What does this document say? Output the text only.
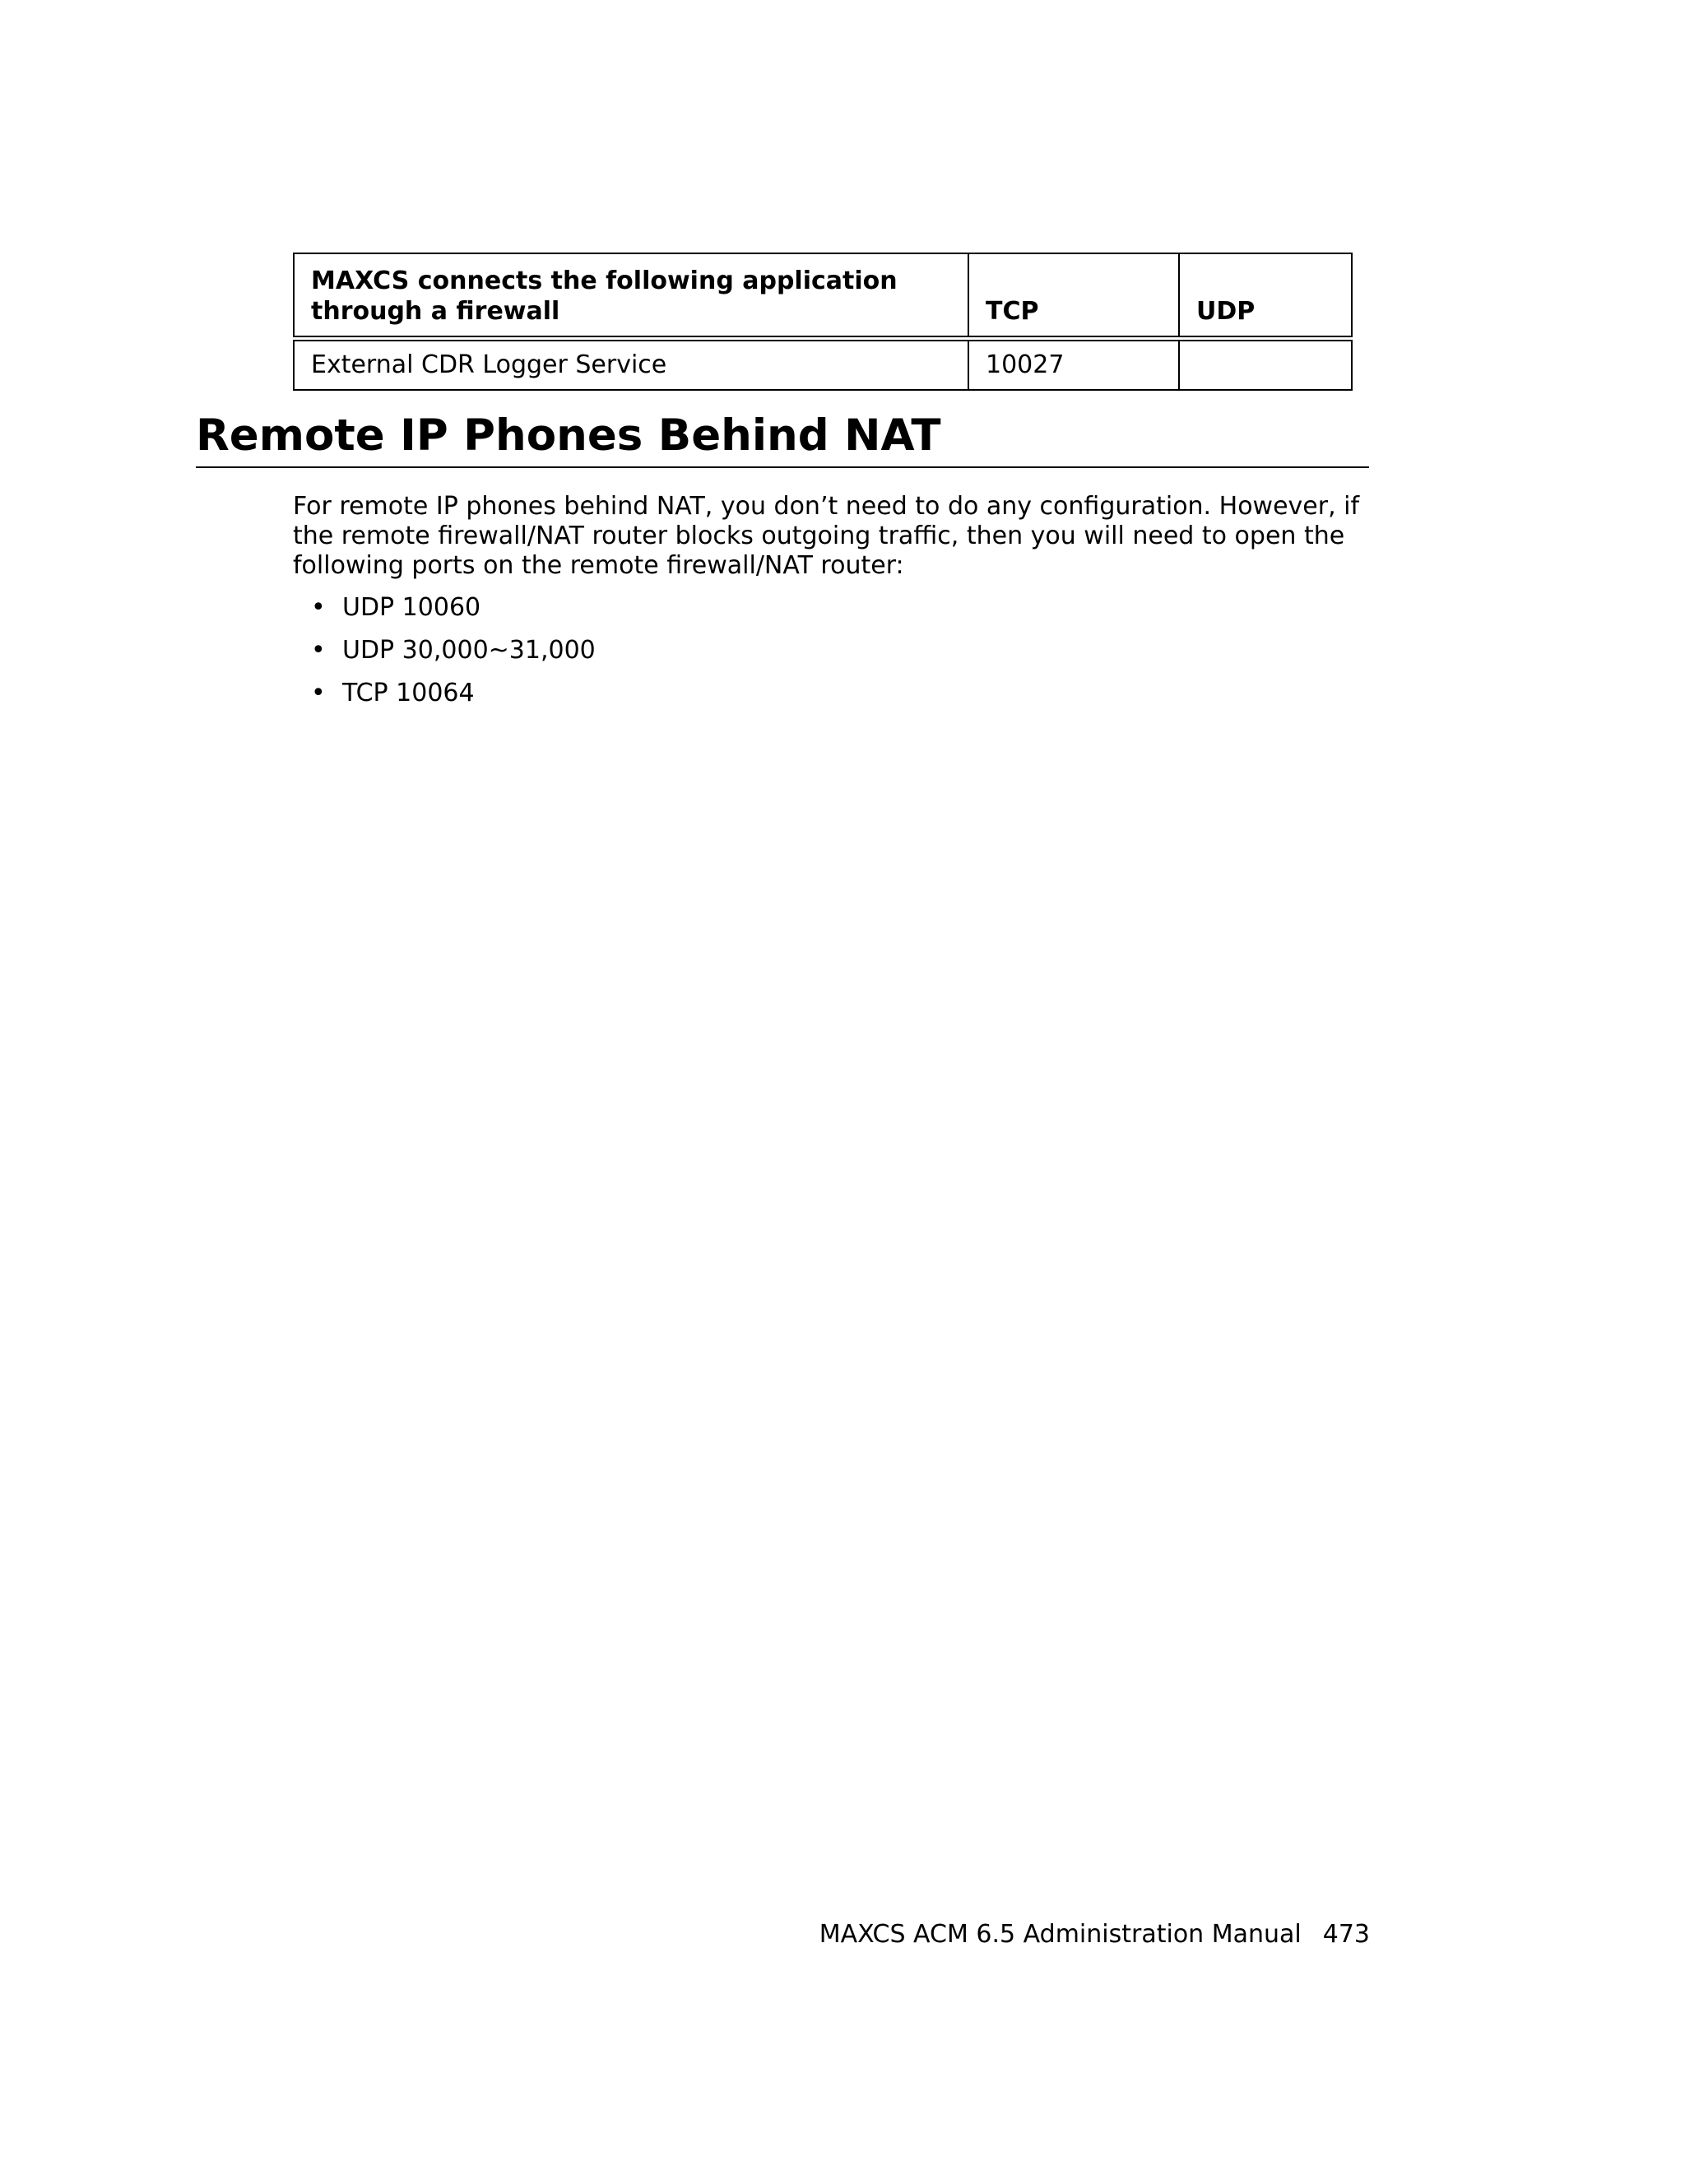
MAXCS connects the following application through a firewall	TCP	UDP
External CDR Logger Service	10027	
Remote IP Phones Behind NAT

For remote IP phones behind NAT, you don’t need to do any configuration. However, if the remote firewall/NAT router blocks outgoing traffic, then you will need to open the following ports on the remote firewall/NAT router:

• UDP 10060
• UDP 30,000~31,000
• TCP 10064
MAXCS ACM 6.5 Administration Manual 473
